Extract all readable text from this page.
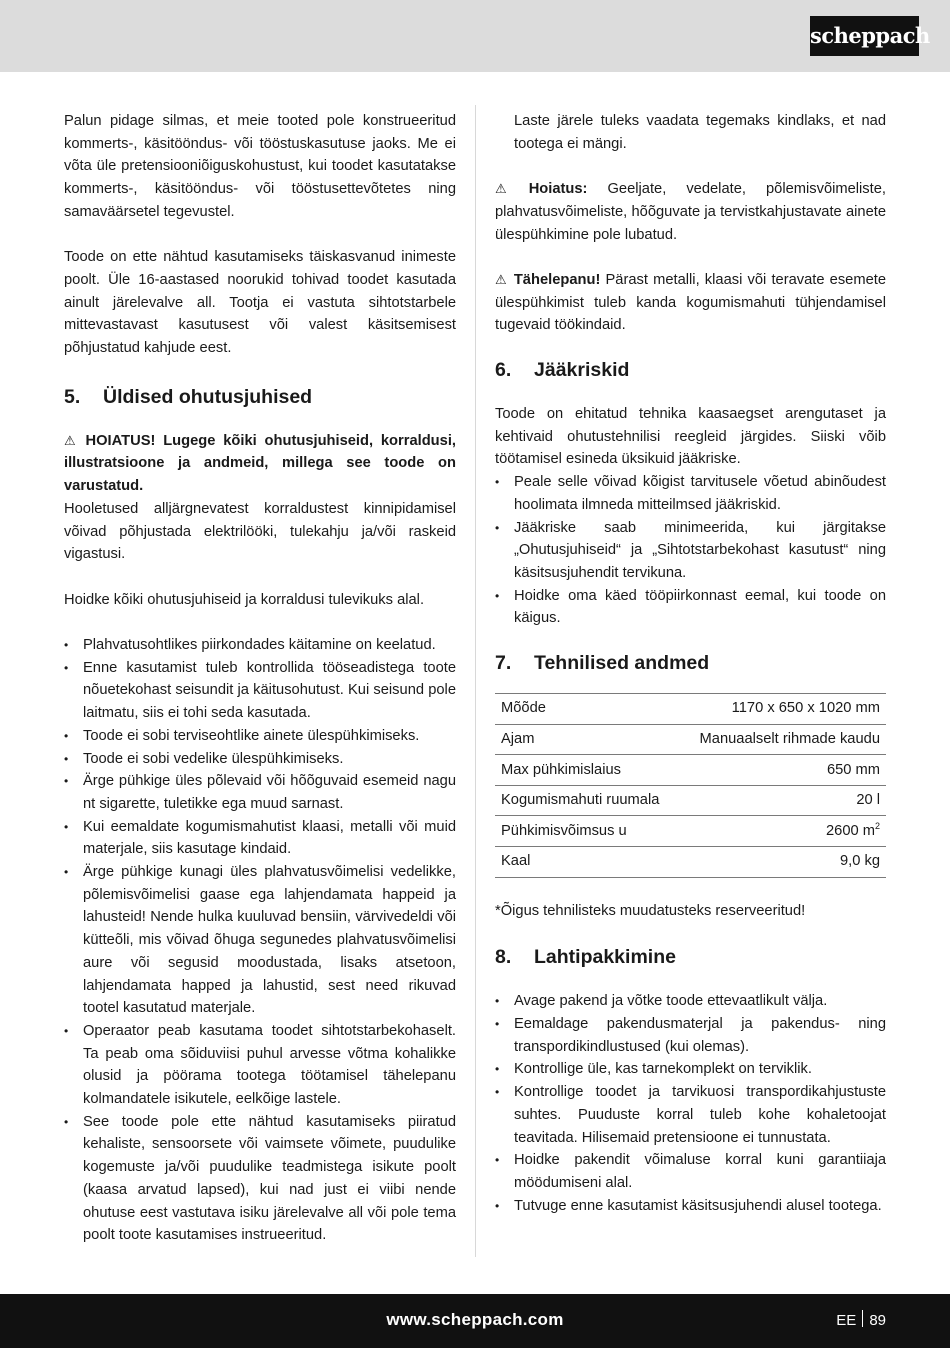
scheppach

Palun pidage silmas, et meie tooted pole konstrueeritud kommerts-, käsitööndus- või tööstuskasutuse jaoks. Me ei võta üle pretensiooniõiguskohustust, kui toodet kasutatakse kommerts-, käsitööndus- või tööstusettevõtetes ning samaväärsetel tegevustel.

Toode on ette nähtud kasutamiseks täiskasvanud inimeste poolt. Üle 16-aastased noorukid tohivad toodet kasutada ainult järelevalve all. Tootja ei vastuta sihtotstarbele mittevastavast kasutusest või valest käsitsemisest põhjustatud kahjude eest.

5.	Üldised ohutusjuhised

⚠ HOIATUS! Lugege kõiki ohutusjuhiseid, korraldusi, illustratsioone ja andmeid, millega see toode on varustatud.

Hooletused alljärgnevatest korraldustest kinnipidamisel võivad põhjustada elektrilööki, tulekahju ja/või raskeid vigastusi.

Hoidke kõiki ohutusjuhiseid ja korraldusi tulevikuks alal.

• Plahvatusohtlikes piirkondades käitamine on keelatud.
• Enne kasutamist tuleb kontrollida tööseadistega toote nõuetekohast seisundit ja käitusohutust. Kui seisund pole laitmatu, siis ei tohi seda kasutada.
• Toode ei sobi terviseohtlike ainete ülespühkimiseks.
• Toode ei sobi vedelike ülespühkimiseks.
• Ärge pühkige üles põlevaid või hõõguvaid esemeid nagu nt sigarette, tuletikke ega muud sarnast.
• Kui eemaldate kogumismahutist klaasi, metalli või muid materjale, siis kasutage kindaid.
• Ärge pühkige kunagi üles plahvatusvõimelisi vedelikke, põlemisvõimelisi gaase ega lahjendamata happeid ja lahusteid! Nende hulka kuuluvad bensiin, värvivedeldi või kütteõli, mis võivad õhuga segunedes plahvatusvõimelisi aure või segusid moodustada, lisaks atsetoon, lahjendamata happed ja lahustid, sest need rikuvad tootel kasutatud materjale.
• Operaator peab kasutama toodet sihtotstarbekohaselt. Ta peab oma sõiduviisi puhul arvesse võtma kohalikke olusid ja pöörama tootega töötamisel tähelepanu kolmandatele isikutele, eelkõige lastele.
• See toode pole ette nähtud kasutamiseks piiratud kehaliste, sensoorsete või vaimsete võimete, puudulike kogemuste ja/või puudulike teadmistega isikute poolt (kaasa arvatud lapsed), kui nad just ei viibi nende ohutuse eest vastutava isiku järelevalve all või pole tema poolt toote kasutamises instrueeritud.

Laste järele tuleks vaadata tegemaks kindlaks, et nad tootega ei mängi.

⚠ Hoiatus: Geeljate, vedelate, põlemisvõimeliste, plahvatusvõimeliste, hõõguvate ja tervistkahjustavate ainete ülespühkimine pole lubatud.

⚠ Tähelepanu! Pärast metalli, klaasi või teravate esemete ülespühkimist tuleb kanda kogumismahuti tühjendamisel tugevaid töökindaid.

6.	Jääkriskid

Toode on ehitatud tehnika kaasaegset arengutaset ja kehtivaid ohutustehnilisi reegleid järgides. Siiski võib töötamisel esineda üksikuid jääkriske.

• Peale selle võivad kõigist tarvitusele võetud abinõudest hoolimata ilmneda mitteilmsed jääkriskid.
• Jääkriske saab minimeerida, kui järgitakse „Ohutusjuhiseid“ ja „Sihtotstarbekohast kasutust“ ning käsitsusjuhendit tervikuna.
• Hoidke oma käed tööpiirkonnast eemal, kui toode on käigus.
7.	Tehnilised andmed
Mõõde	1170 x 650 x 1020 mm
Ajam	Manuaalselt rihmade kaudu
Max pühkimislaius	650 mm
Kogumismahuti ruumala	20 l
Pühkimisvõimsus u	2600 $m^2$
Kaal	9,0 kg

*Õigus tehnilisteks muudatusteks reserveeritud!

8.	Lahtipakkimine
• Avage pakend ja võtke toode ettevaatlikult välja.
• Eemaldage pakendusmaterjal ja pakendus- ning transpordikindlustused (kui olemas).
• Kontrollige üle, kas tarnekomplekt on terviklik.
• Kontrollige toodet ja tarvikuosi transpordikahjustuste suhtes. Puuduste korral tuleb kohe kohaletoojat teavitada. Hilisemaid pretensioone ei tunnustata.
• Hoidke pakendit võimaluse korral kuni garantiiaja möödumiseni alal.
• Tutvuge enne kasutamist käsitsusjuhendi alusel tootega.
www.scheppach.com	EE 89
